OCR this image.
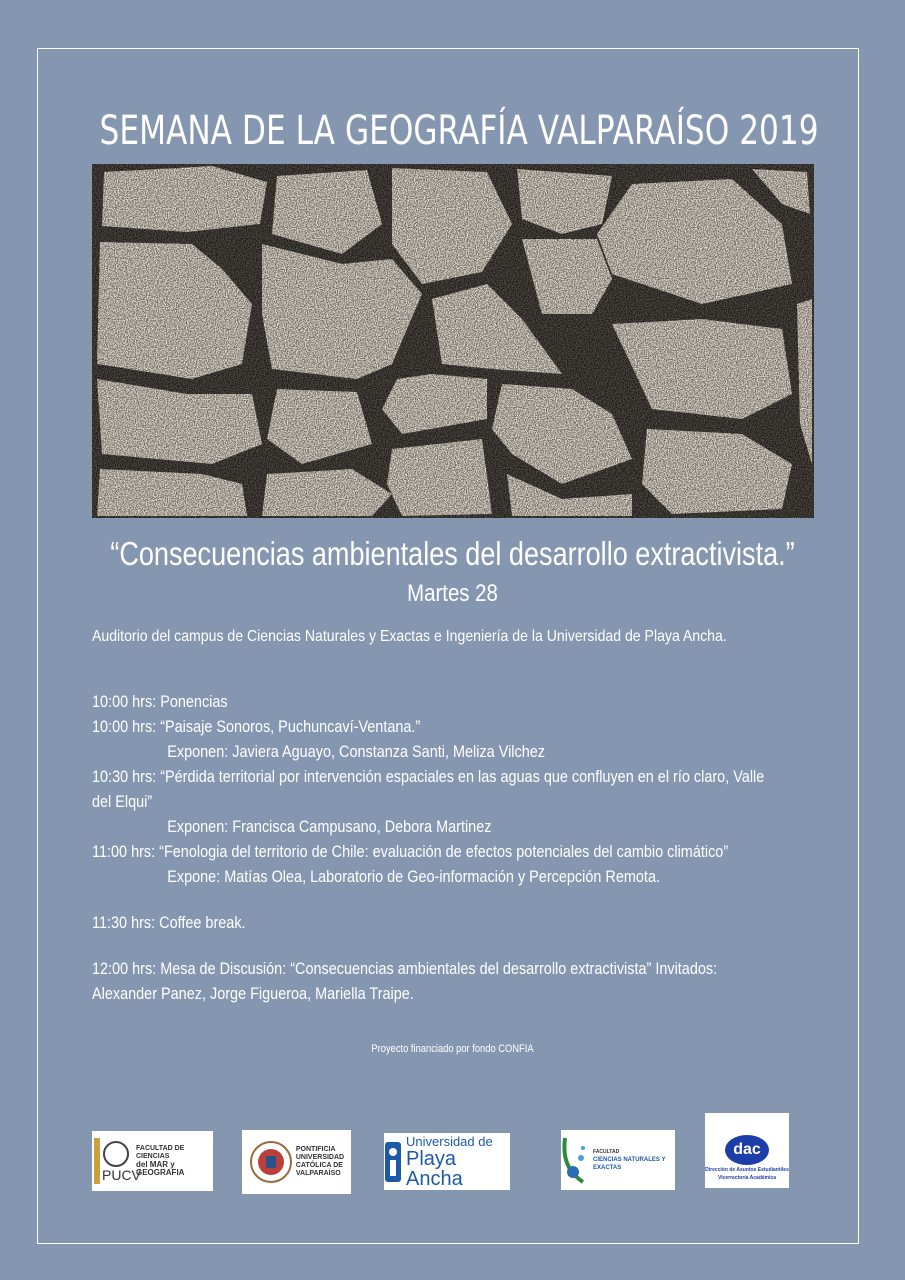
SEMANA DE LA GEOGRAFÍA VALPARAÍSO 2019
“Consecuencias ambientales del desarrollo extractivista.”
Martes 28
Auditorio del campus de Ciencias Naturales y Exactas e Ingeniería de la Universidad de Playa Ancha.
10:00 hrs: Ponencias
10:00 hrs: “Paisaje Sonoros, Puchuncaví-Ventana.”
Exponen: Javiera Aguayo, Constanza Santi, Meliza Vilchez
10:30 hrs: “Pérdida territorial por intervención espaciales en las aguas que confluyen en el río claro, Valle
del Elqui”
Exponen: Francisca Campusano, Debora Martinez
11:00 hrs: “Fenologia del territorio de Chile: evaluación de efectos potenciales del cambio climático”
Expone: Matías Olea, Laboratorio de Geo-información y Percepción Remota.
11:30 hrs: Coffee break.
12:00 hrs: Mesa de Discusión: “Consecuencias ambientales del desarrollo extractivista” Invitados:
Alexander Panez, Jorge Figueroa, Mariella Traipe.
Proyecto financiado por fondo CONFIA
PUCV
FACULTAD DE CIENCIAS
del MAR y GEOGRAFIA
PONTIFICIA
UNIVERSIDAD
CATÓLICA DE
VALPARAÍSO
Universidad de
Playa Ancha
FACULTAD
CIENCIAS NATURALES Y EXACTAS
dac
Dirección de Asuntos Estudiantiles
Vicerrectoría Académica
